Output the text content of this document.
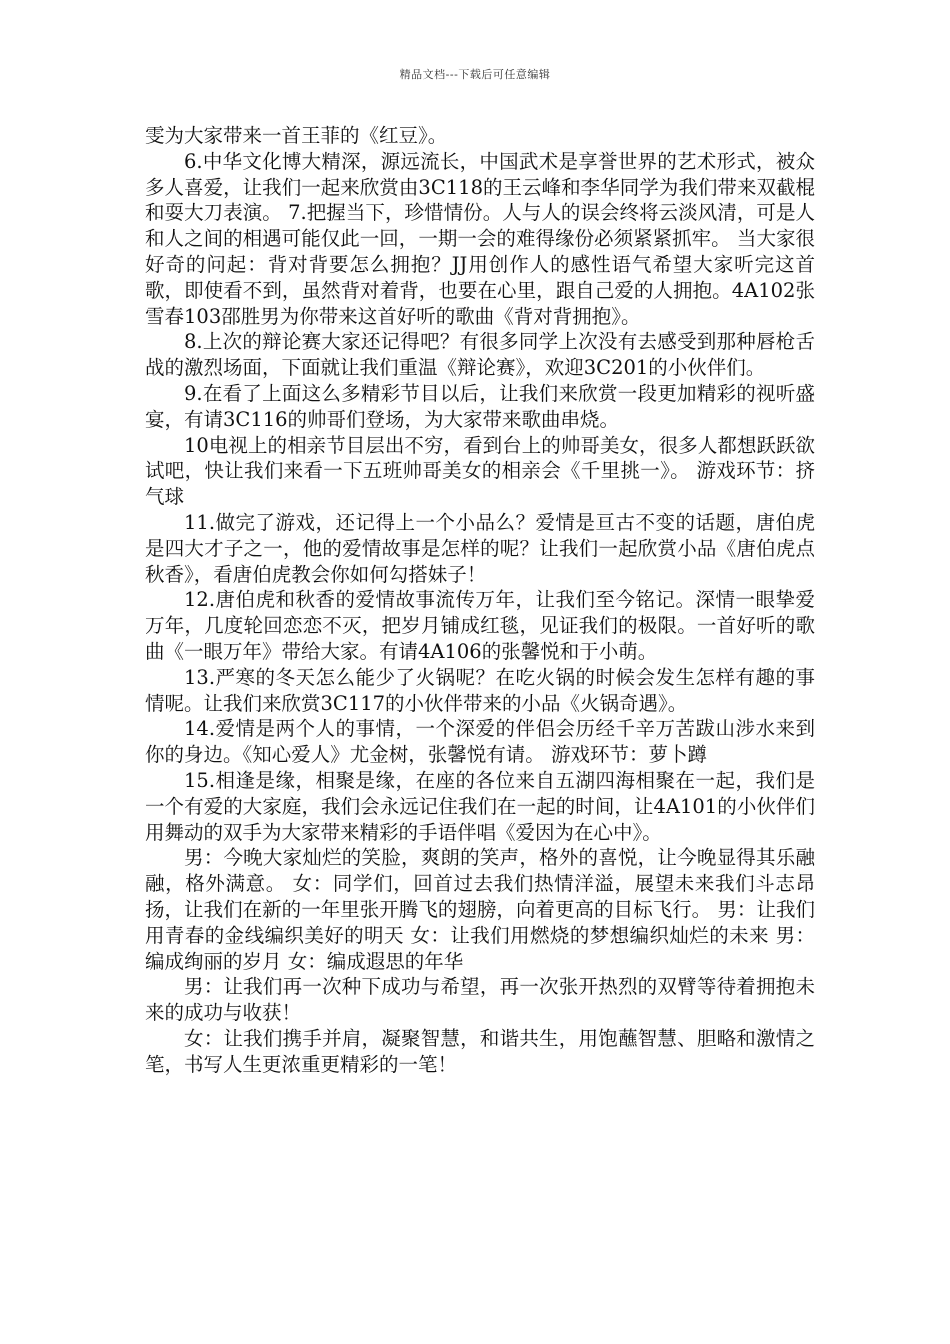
精品文档---下载后可任意编辑

雯为大家带来一首王菲的《红豆》。

6.中华文化博大精深，源远流长，中国武术是享誉世界的艺术形式，被众多人喜爱，让我们一起来欣赏由3C118的王云峰和李华同学为我们带来双截棍和耍大刀表演。 7.把握当下，珍惜情份。人与人的误会终将云淡风清，可是人和人之间的相遇可能仅此一回，一期一会的难得缘份必须紧紧抓牢。 当大家很好奇的问起：背对背要怎么拥抱？JJ用创作人的感性语气希望大家听完这首歌，即使看不到，虽然背对着背，也要在心里，跟自己爱的人拥抱。4A102张雪春103邵胜男为你带来这首好听的歌曲《背对背拥抱》。

8.上次的辩论赛大家还记得吧？有很多同学上次没有去感受到那种唇枪舌战的激烈场面，下面就让我们重温《辩论赛》，欢迎3C201的小伙伴们。

9.在看了上面这么多精彩节目以后，让我们来欣赏一段更加精彩的视听盛宴，有请3C116的帅哥们登场，为大家带来歌曲串烧。

10电视上的相亲节目层出不穷，看到台上的帅哥美女，很多人都想跃跃欲试吧，快让我们来看一下五班帅哥美女的相亲会《千里挑一》。 游戏环节：挤气球

11.做完了游戏，还记得上一个小品么？爱情是亘古不变的话题，唐伯虎是四大才子之一，他的爱情故事是怎样的呢？让我们一起欣赏小品《唐伯虎点秋香》，看唐伯虎教会你如何勾搭妹子！

12.唐伯虎和秋香的爱情故事流传万年，让我们至今铭记。深情一眼挚爱万年，几度轮回恋恋不灭，把岁月铺成红毯，见证我们的极限。一首好听的歌曲《一眼万年》带给大家。有请4A106的张馨悦和于小萌。

13.严寒的冬天怎么能少了火锅呢？在吃火锅的时候会发生怎样有趣的事情呢。让我们来欣赏3C117的小伙伴带来的小品《火锅奇遇》。

14.爱情是两个人的事情，一个深爱的伴侣会历经千辛万苦跋山涉水来到你的身边。《知心爱人》尤金树，张馨悦有请。 游戏环节：萝卜蹲

15.相逢是缘，相聚是缘，在座的各位来自五湖四海相聚在一起，我们是一个有爱的大家庭，我们会永远记住我们在一起的时间，让4A101的小伙伴们用舞动的双手为大家带来精彩的手语伴唱《爱因为在心中》。

男：今晚大家灿烂的笑脸，爽朗的笑声，格外的喜悦，让今晚显得其乐融融，格外满意。 女：同学们，回首过去我们热情洋溢，展望未来我们斗志昂扬，让我们在新的一年里张开腾飞的翅膀，向着更高的目标飞行。 男：让我们用青春的金线编织美好的明天 女：让我们用燃烧的梦想编织灿烂的未来 男：编成绚丽的岁月 女：编成遐思的年华

男：让我们再一次种下成功与希望，再一次张开热烈的双臂等待着拥抱未来的成功与收获！

女：让我们携手并肩，凝聚智慧，和谐共生，用饱蘸智慧、胆略和激情之笔，书写人生更浓重更精彩的一笔！
